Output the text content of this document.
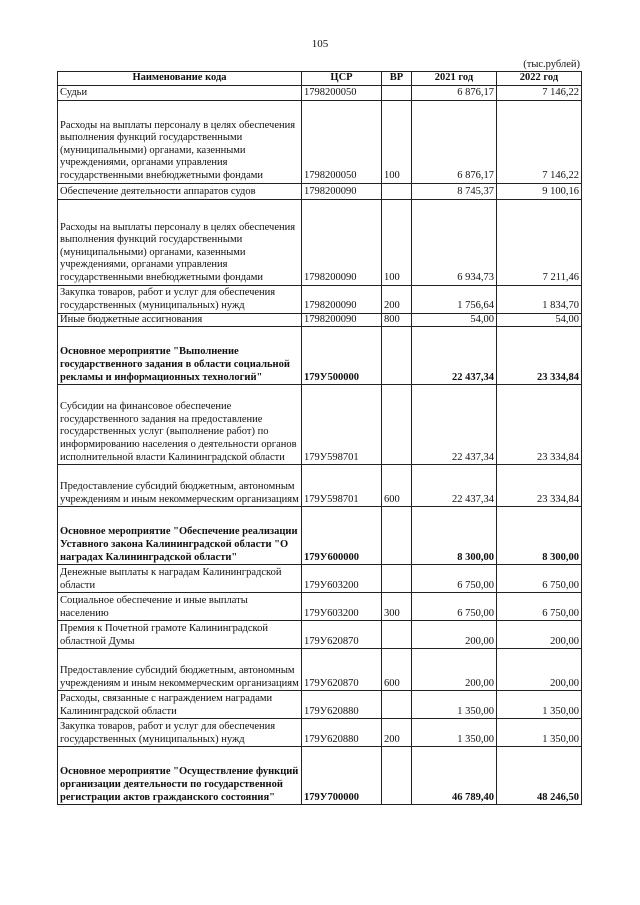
105
(тыс.рублей)
Наименование кода	ЦСР	ВР	2021 год	2022 год
Судьи	1798200050		6 876,17	7 146,22
Расходы на выплаты персоналу в целях обеспечения выполнения функций государственными (муниципальными) органами, казенными учреждениями, органами управления государственными внебюджетными фондами	1798200050	100	6 876,17	7 146,22
Обеспечение деятельности аппаратов судов	1798200090		8 745,37	9 100,16
Расходы на выплаты персоналу в целях обеспечения выполнения функций государственными (муниципальными) органами, казенными учреждениями, органами управления государственными внебюджетными фондами	1798200090	100	6 934,73	7 211,46
Закупка товаров, работ и услуг для обеспечения государственных (муниципальных) нужд	1798200090	200	1 756,64	1 834,70
Иные бюджетные ассигнования	1798200090	800	54,00	54,00
Основное мероприятие "Выполнение государственного задания в области социальной рекламы и информационных технологий"	179У500000		22 437,34	23 334,84
Субсидии на финансовое обеспечение государственного задания на предоставление государственных услуг (выполнение работ) по информированию населения о деятельности органов исполнительной власти Калининградской области	179У598701		22 437,34	23 334,84
Предоставление субсидий бюджетным, автономным учреждениям и иным некоммерческим организациям	179У598701	600	22 437,34	23 334,84
Основное мероприятие "Обеспечение реализации Уставного закона Калининградской области "О наградах Калининградской области"	179У600000		8 300,00	8 300,00
Денежные выплаты к наградам Калининградской области	179У603200		6 750,00	6 750,00
Социальное обеспечение и иные выплаты населению	179У603200	300	6 750,00	6 750,00
Премия к Почетной грамоте Калининградской областной Думы	179У620870		200,00	200,00
Предоставление субсидий бюджетным, автономным учреждениям и иным некоммерческим организациям	179У620870	600	200,00	200,00
Расходы, связанные с награждением наградами Калининградской области	179У620880		1 350,00	1 350,00
Закупка товаров, работ и услуг для обеспечения государственных (муниципальных) нужд	179У620880	200	1 350,00	1 350,00
Основное мероприятие "Осуществление функций организации деятельности по государственной регистрации актов гражданского состояния"	179У700000		46 789,40	48 246,50
